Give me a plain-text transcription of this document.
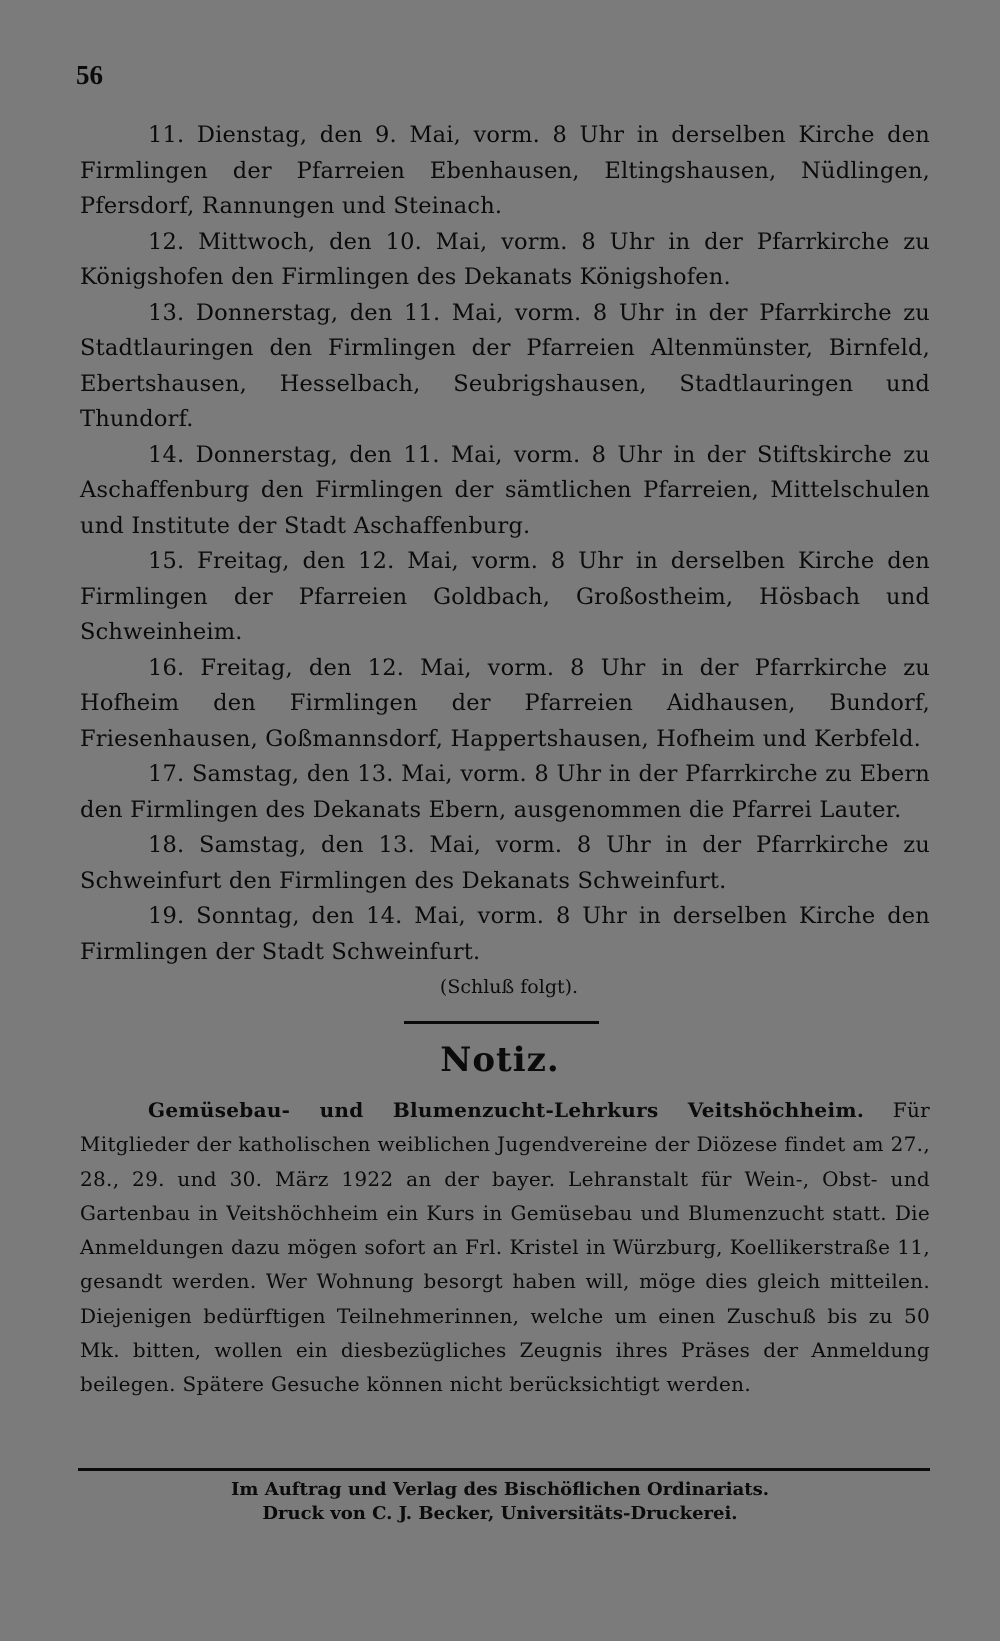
56

11. Dienstag, den 9. Mai, vorm. 8 Uhr in derselben Kirche den Firmlingen der Pfarreien Ebenhausen, Eltingshausen, Nüdlingen, Pfersdorf, Rannungen und Steinach.

12. Mittwoch, den 10. Mai, vorm. 8 Uhr in der Pfarrkirche zu Königshofen den Firmlingen des Dekanats Königshofen.

13. Donnerstag, den 11. Mai, vorm. 8 Uhr in der Pfarrkirche zu Stadtlauringen den Firmlingen der Pfarreien Altenmünster, Birnfeld, Ebertshausen, Hesselbach, Seubrigshausen, Stadtlauringen und Thundorf.

14. Donnerstag, den 11. Mai, vorm. 8 Uhr in der Stiftskirche zu Aschaffenburg den Firmlingen der sämtlichen Pfarreien, Mittelschulen und Institute der Stadt Aschaffenburg.

15. Freitag, den 12. Mai, vorm. 8 Uhr in derselben Kirche den Firmlingen der Pfarreien Goldbach, Großostheim, Hösbach und Schweinheim.

16. Freitag, den 12. Mai, vorm. 8 Uhr in der Pfarrkirche zu Hofheim den Firmlingen der Pfarreien Aidhausen, Bundorf, Friesenhausen, Goßmannsdorf, Happertshausen, Hofheim und Kerbfeld.

17. Samstag, den 13. Mai, vorm. 8 Uhr in der Pfarrkirche zu Ebern den Firmlingen des Dekanats Ebern, ausgenommen die Pfarrei Lauter.

18. Samstag, den 13. Mai, vorm. 8 Uhr in der Pfarrkirche zu Schweinfurt den Firmlingen des Dekanats Schweinfurt.

19. Sonntag, den 14. Mai, vorm. 8 Uhr in derselben Kirche den Firmlingen der Stadt Schweinfurt.

(Schluß folgt).

Notiz.

Gemüsebau- und Blumenzucht-Lehrkurs Veitshöchheim. Für Mitglieder der katholischen weiblichen Jugendvereine der Diözese findet am 27., 28., 29. und 30. März 1922 an der bayer. Lehranstalt für Wein-, Obst- und Gartenbau in Veitshöchheim ein Kurs in Gemüsebau und Blumenzucht statt. Die Anmeldungen dazu mögen sofort an Frl. Kristel in Würzburg, Koellikerstraße 11, gesandt werden. Wer Wohnung besorgt haben will, möge dies gleich mitteilen. Diejenigen bedürftigen Teilnehmerinnen, welche um einen Zuschuß bis zu 50 Mk. bitten, wollen ein diesbezügliches Zeugnis ihres Präses der Anmeldung beilegen. Spätere Gesuche können nicht berücksichtigt werden.

Im Auftrag und Verlag des Bischöflichen Ordinariats.

Druck von C. J. Becker, Universitäts-Druckerei.
